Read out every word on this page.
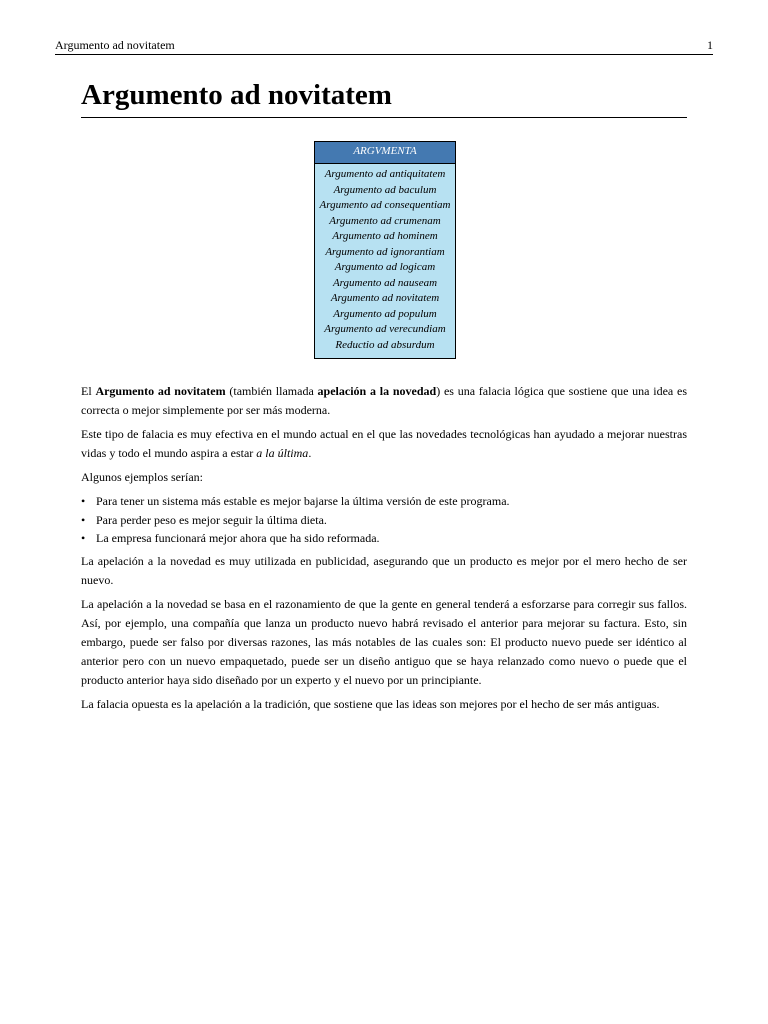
Argumento ad novitatem	1
Argumento ad novitatem
ARGVMENTA
Argumento ad antiquitatem
Argumento ad baculum
Argumento ad consequentiam
Argumento ad crumenam
Argumento ad hominem
Argumento ad ignorantiam
Argumento ad logicam
Argumento ad nauseam
Argumento ad novitatem
Argumento ad populum
Argumento ad verecundiam
Reductio ad absurdum

El Argumento ad novitatem (también llamada apelación a la novedad) es una falacia lógica que sostiene que una idea es correcta o mejor simplemente por ser más moderna.

Este tipo de falacia es muy efectiva en el mundo actual en el que las novedades tecnológicas han ayudado a mejorar nuestras vidas y todo el mundo aspira a estar a la última.

Algunos ejemplos serían:

• Para tener un sistema más estable es mejor bajarse la última versión de este programa.
• Para perder peso es mejor seguir la última dieta.
• La empresa funcionará mejor ahora que ha sido reformada.

La apelación a la novedad es muy utilizada en publicidad, asegurando que un producto es mejor por el mero hecho de ser nuevo.

La apelación a la novedad se basa en el razonamiento de que la gente en general tenderá a esforzarse para corregir sus fallos. Así, por ejemplo, una compañía que lanza un producto nuevo habrá revisado el anterior para mejorar su factura. Esto, sin embargo, puede ser falso por diversas razones, las más notables de las cuales son: El producto nuevo puede ser idéntico al anterior pero con un nuevo empaquetado, puede ser un diseño antiguo que se haya relanzado como nuevo o puede que el producto anterior haya sido diseñado por un experto y el nuevo por un principiante.

La falacia opuesta es la apelación a la tradición, que sostiene que las ideas son mejores por el hecho de ser más antiguas.
